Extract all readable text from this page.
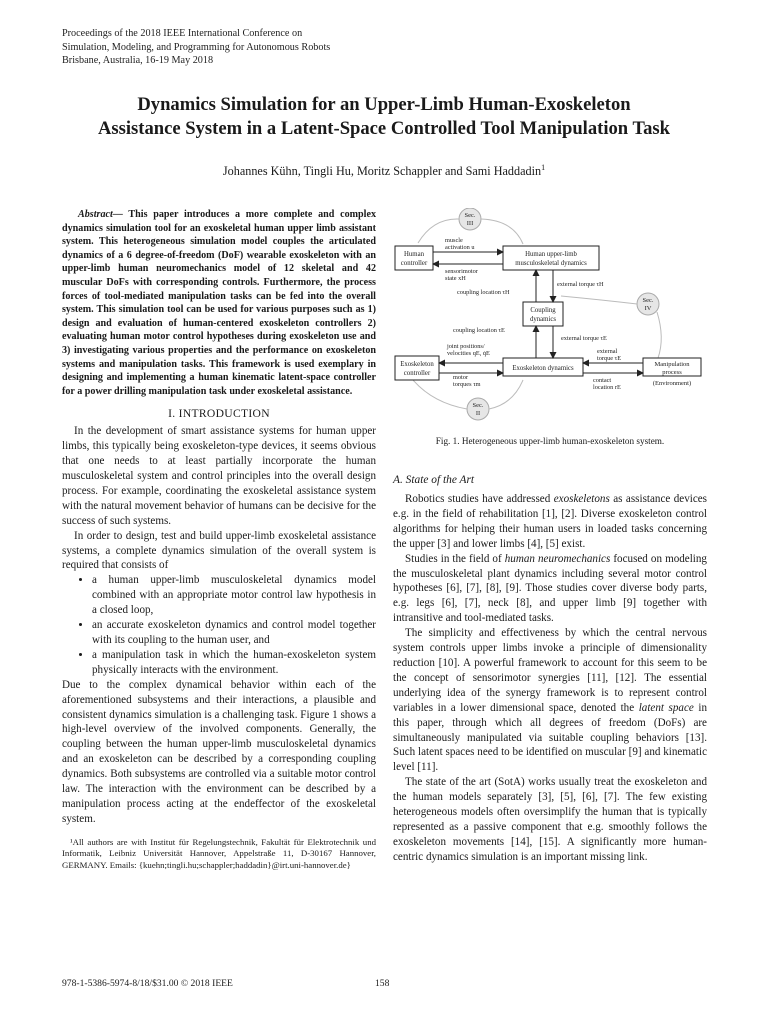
Proceedings of the 2018 IEEE International Conference on
Simulation, Modeling, and Programming for Autonomous Robots
Brisbane, Australia, 16-19 May 2018
Dynamics Simulation for an Upper-Limb Human-Exoskeleton
Assistance System in a Latent-Space Controlled Tool Manipulation Task
Johannes Kühn, Tingli Hu, Moritz Schappler and Sami Haddadin$^1$

Abstract— This paper introduces a more complete and complex dynamics simulation tool for an exoskeletal human upper limb assistant system. This heterogeneous simulation model couples the articulated dynamics of a 6 degree-of-freedom (DoF) wearable exoskeleton with an upper-limb human neuromechanics model of 12 skeletal and 42 muscular DoFs with corresponding controls. Furthermore, the process forces of tool-mediated manipulation tasks can be fed into the overall system. This simulation tool can be used for various purposes such as 1) design and evaluation of human-centered exoskeleton controllers 2) evaluating human motor control hypotheses during exoskeleton use and 3) investigating various properties and the performance on exoskeleton systems and manipulation tasks. This framework is used exemplary in designing and implementing a human kinematic latent-space controller for a power drilling manipulation task under exoskeletal assistance.

I. INTRODUCTION

In the development of smart assistance systems for human upper limbs, this typically being exoskeleton-type devices, it seems obvious that one needs to at least partially incorporate the human musculoskeletal system and control principles into the overall design process. For example, coordinating the exoskeletal assistance system with the natural movement behavior of humans can be decisive for the success of such systems.

In order to design, test and build upper-limb exoskeletal assistance systems, a complete dynamics simulation of the overall system is required that consists of

• a human upper-limb musculoskeletal dynamics model combined with an appropriate motor control law hypothesis in a closed loop,
• an accurate exoskeleton dynamics and control model together with its coupling to the human user, and
• a manipulation task in which the human-exoskeleton system physically interacts with the environment.

Due to the complex dynamical behavior within each of the aforementioned subsystems and their interactions, a plausible and consistent dynamics simulation is a challenging task. Figure 1 shows a high-level overview of the involved components. Generally, the coupling between the human upper-limb musculoskeletal dynamics and an exoskeleton can be described by a corresponding coupling dynamics. Both subsystems are controlled via a suitable motor control law. The interaction with the environment can be described by a manipulation process acting at the endeffector of the exoskeletal system.

¹All authors are with Institut für Regelungstechnik, Fakultät für Elektrotechnik und Informatik, Leibniz Universität Hannover, Appelstraße 11, D-30167 Hannover, GERMANY. Emails: {kuehn;tingli.hu;schappler;haddadin}@irt.uni-hannover.de}

Sec.
III
Sec.
IV
Sec.
II
Human
controller
Human upper-limb
musculoskeletal dynamics
Coupling
dynamics
Exoskeleton
controller
Exoskeleton dynamics
Manipulation
process
(Environment)
muscle
activation u
sensorimotor
state xH
coupling location τH
external torque τH
coupling location τE
external torque τE
joint positions/
velocities qE, q̇E
motor
torques τm
external
torque τE
contact
location rE
Fig. 1. Heterogeneous upper-limb human-exoskeleton system.
A. State of the Art

Robotics studies have addressed exoskeletons as assistance devices e.g. in the field of rehabilitation [1], [2]. Diverse exoskeleton control algorithms for helping their human users in loaded tasks concerning the upper [3] and lower limbs [4], [5] exist.

Studies in the field of human neuromechanics focused on modeling the musculoskeletal plant dynamics including several motor control hypotheses [6], [7], [8], [9]. Those studies cover diverse body parts, e.g. legs [6], [7], neck [8], and upper limb [9] together with intransitive and tool-mediated tasks.

The simplicity and effectiveness by which the central nervous system controls upper limbs invoke a principle of dimensionality reduction [10]. A powerful framework to account for this seem to be the concept of sensorimotor synergies [11], [12]. The essential underlying idea of the synergy framework is to represent control variables in a lower dimensional space, denoted the latent space in this paper, through which all degrees of freedom (DoFs) are simultaneously manipulated via suitable coupling behaviors [13]. Such latent spaces need to be identified on muscular [9] and kinematic level [11].

The state of the art (SotA) works usually treat the exoskeleton and the human models separately [3], [5], [6], [7]. The few existing heterogeneous models often oversimplify the human that is typically represented as a passive component that e.g. smoothly follows the exoskeleton movements [14], [15]. A significantly more human-centric dynamics simulation is an important missing link.

978-1-5386-5974-8/18/$31.00 © 2018 IEEE	158
